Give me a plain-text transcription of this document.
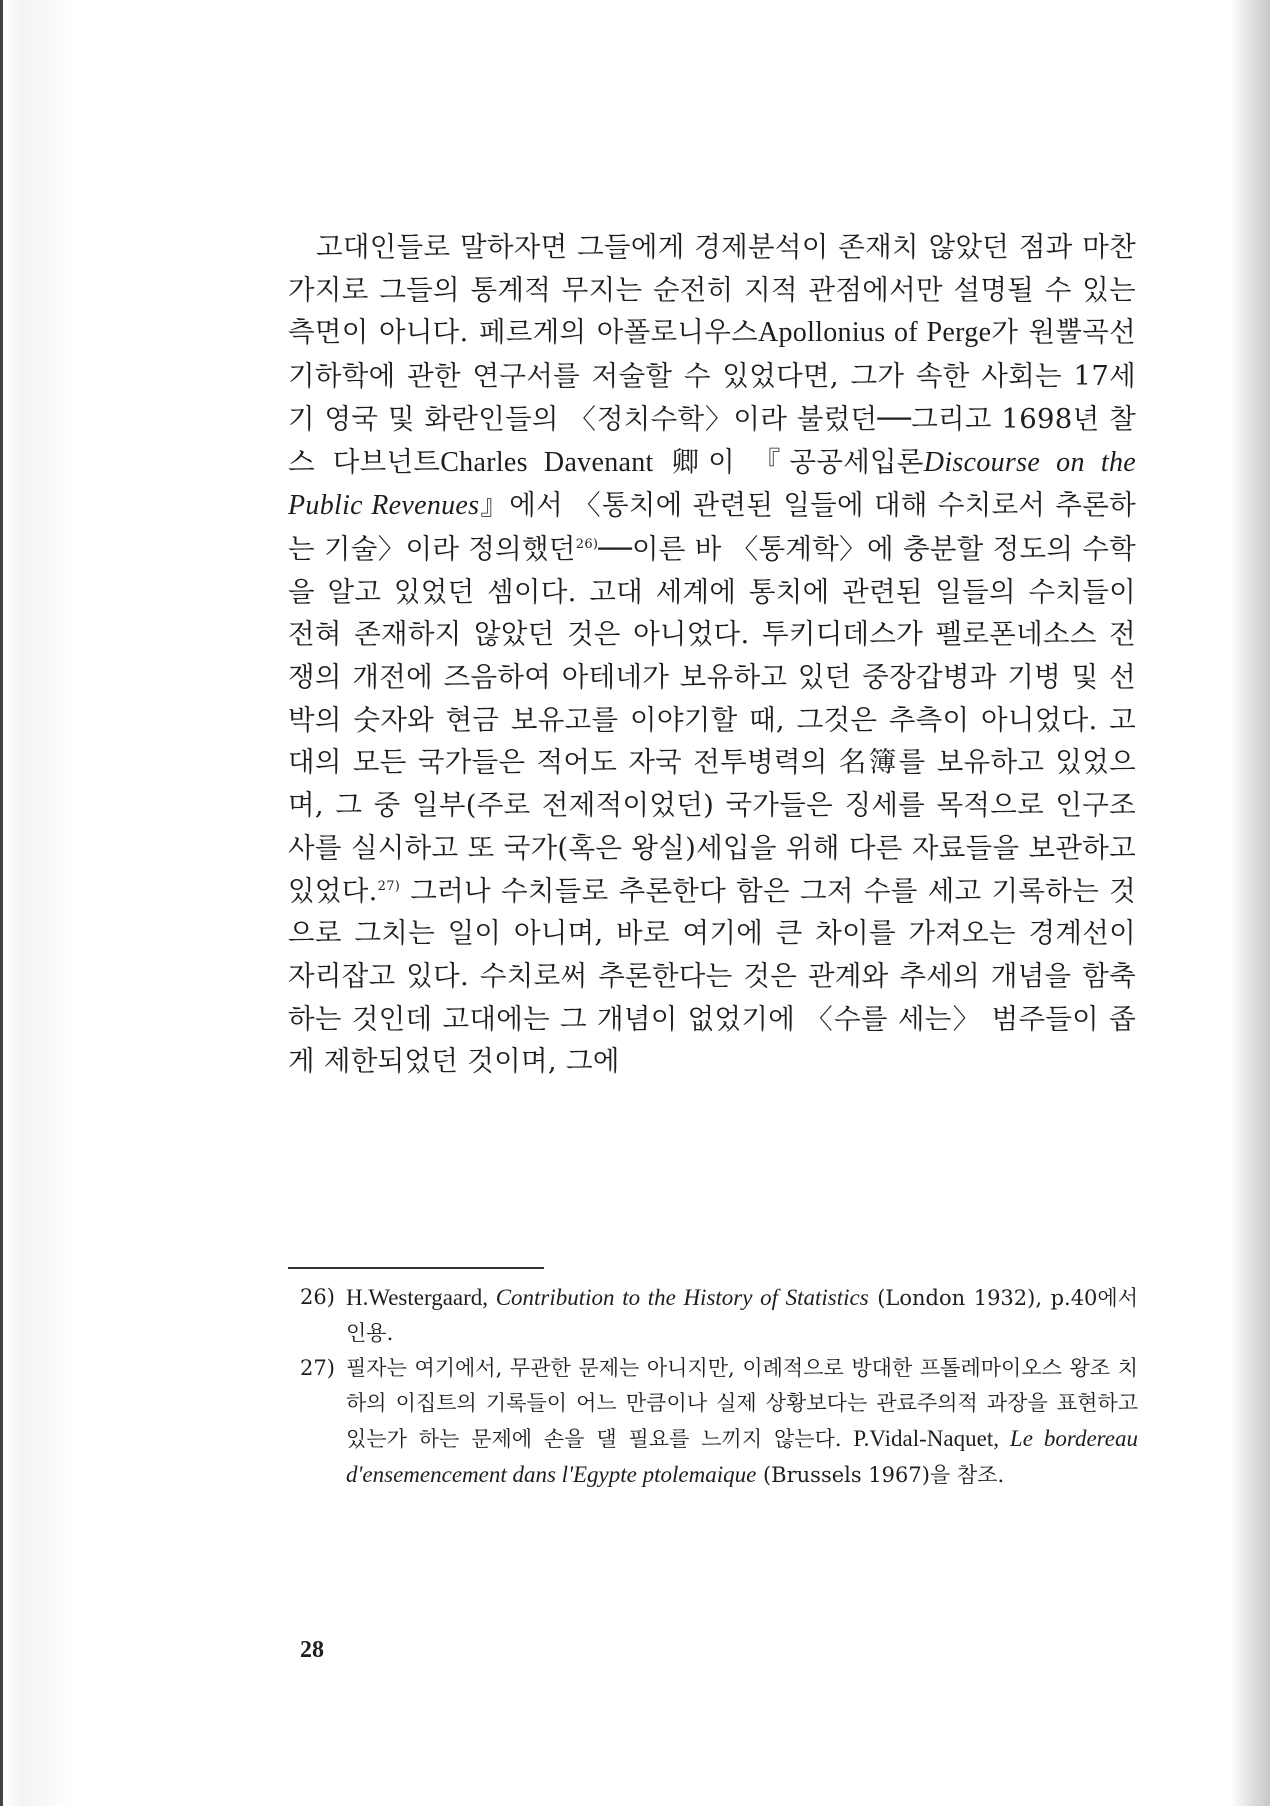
고대인들로 말하자면 그들에게 경제분석이 존재치 않았던 점과 마찬가지로 그들의 통계적 무지는 순전히 지적 관점에서만 설명될 수 있는 측면이 아니다. 페르게의 아폴로니우스Apollonius of Perge가 원뿔곡선 기하학에 관한 연구서를 저술할 수 있었다면, 그가 속한 사회는 17세기 영국 및 화란인들의 〈정치수학〉이라 불렀던──그리고 1698년 찰스 다브넌트Charles Davenant 卿이 『공공세입론Discourse on the Public Revenues』에서 〈통치에 관련된 일들에 대해 수치로서 추론하는 기술〉이라 정의했던$^{26)}$──이른 바 〈통계학〉에 충분할 정도의 수학을 알고 있었던 셈이다. 고대 세계에 통치에 관련된 일들의 수치들이 전혀 존재하지 않았던 것은 아니었다. 투키디데스가 펠로폰네소스 전쟁의 개전에 즈음하여 아테네가 보유하고 있던 중장갑병과 기병 및 선박의 숫자와 현금 보유고를 이야기할 때, 그것은 추측이 아니었다. 고대의 모든 국가들은 적어도 자국 전투병력의 名簿를 보유하고 있었으며, 그 중 일부(주로 전제적이었던) 국가들은 징세를 목적으로 인구조사를 실시하고 또 국가(혹은 왕실)세입을 위해 다른 자료들을 보관하고 있었다.$^{27)}$ 그러나 수치들로 추론한다 함은 그저 수를 세고 기록하는 것으로 그치는 일이 아니며, 바로 여기에 큰 차이를 가져오는 경계선이 자리잡고 있다. 수치로써 추론한다는 것은 관계와 추세의 개념을 함축하는 것인데 고대에는 그 개념이 없었기에 〈수를 세는〉 범주들이 좁게 제한되었던 것이며, 그에

26) H.Westergaard, Contribution to the History of Statistics (London 1932), p.40에서 인용.
27) 필자는 여기에서, 무관한 문제는 아니지만, 이례적으로 방대한 프톨레마이오스 왕조 치하의 이집트의 기록들이 어느 만큼이나 실제 상황보다는 관료주의적 과장을 표현하고 있는가 하는 문제에 손을 댈 필요를 느끼지 않는다. P.Vidal-Naquet, Le bordereau d'ensemencement dans l'Egypte ptolemaique (Brussels 1967)을 참조.
28
